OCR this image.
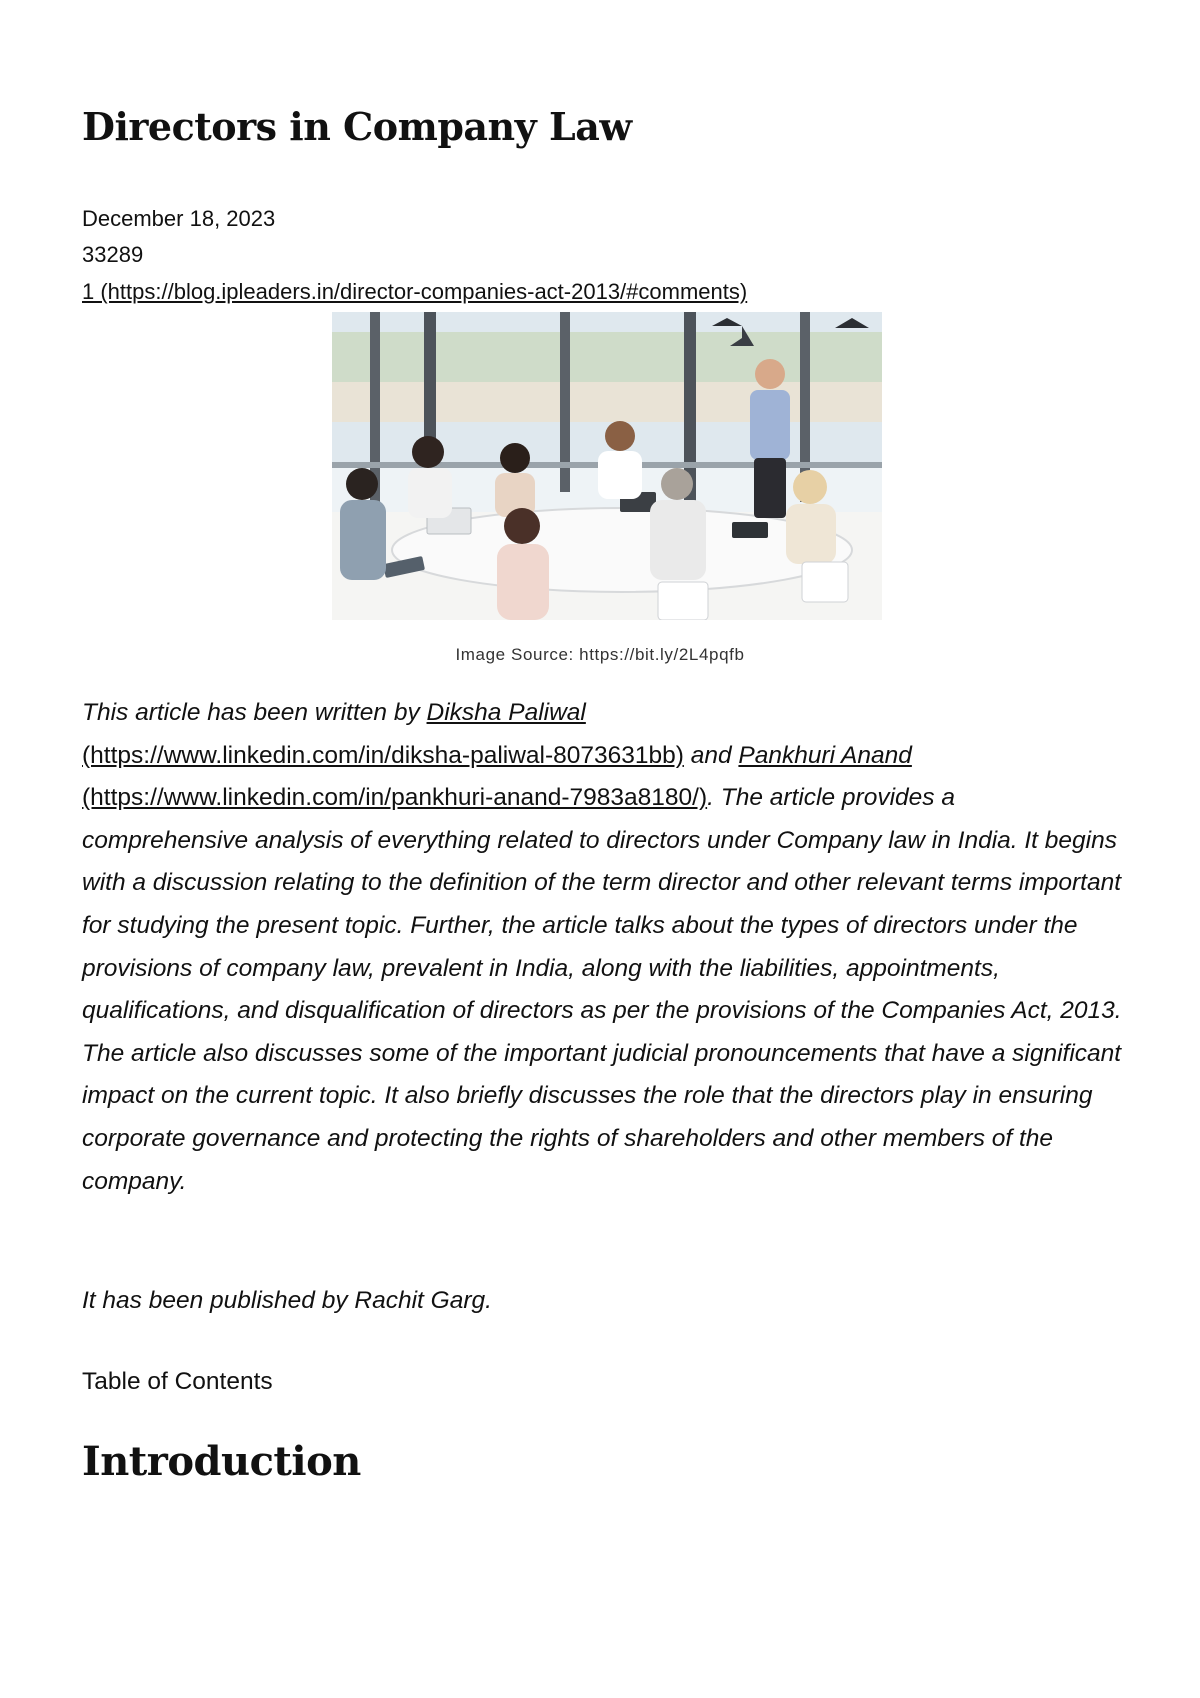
Directors in Company Law
December 18, 2023
33289
1 (https://blog.ipleaders.in/director-companies-act-2013/#comments)
Image Source: https://bit.ly/2L4pqfb

This article has been written by Diksha Paliwal
(https://www.linkedin.com/in/diksha-paliwal-8073631bb) and Pankhuri Anand
(https://www.linkedin.com/in/pankhuri-anand-7983a8180/). The article provides a comprehensive analysis of everything related to directors under Company law in India. It begins with a discussion relating to the definition of the term director and other relevant terms important for studying the present topic. Further, the article talks about the types of directors under the provisions of company law, prevalent in India, along with the liabilities, appointments, qualifications, and disqualification of directors as per the provisions of the Companies Act, 2013. The article also discusses some of the important judicial pronouncements that have a significant impact on the current topic. It also briefly discusses the role that the directors play in ensuring corporate governance and protecting the rights of shareholders and other members of the company.

It has been published by Rachit Garg.

Table of Contents
Introduction
